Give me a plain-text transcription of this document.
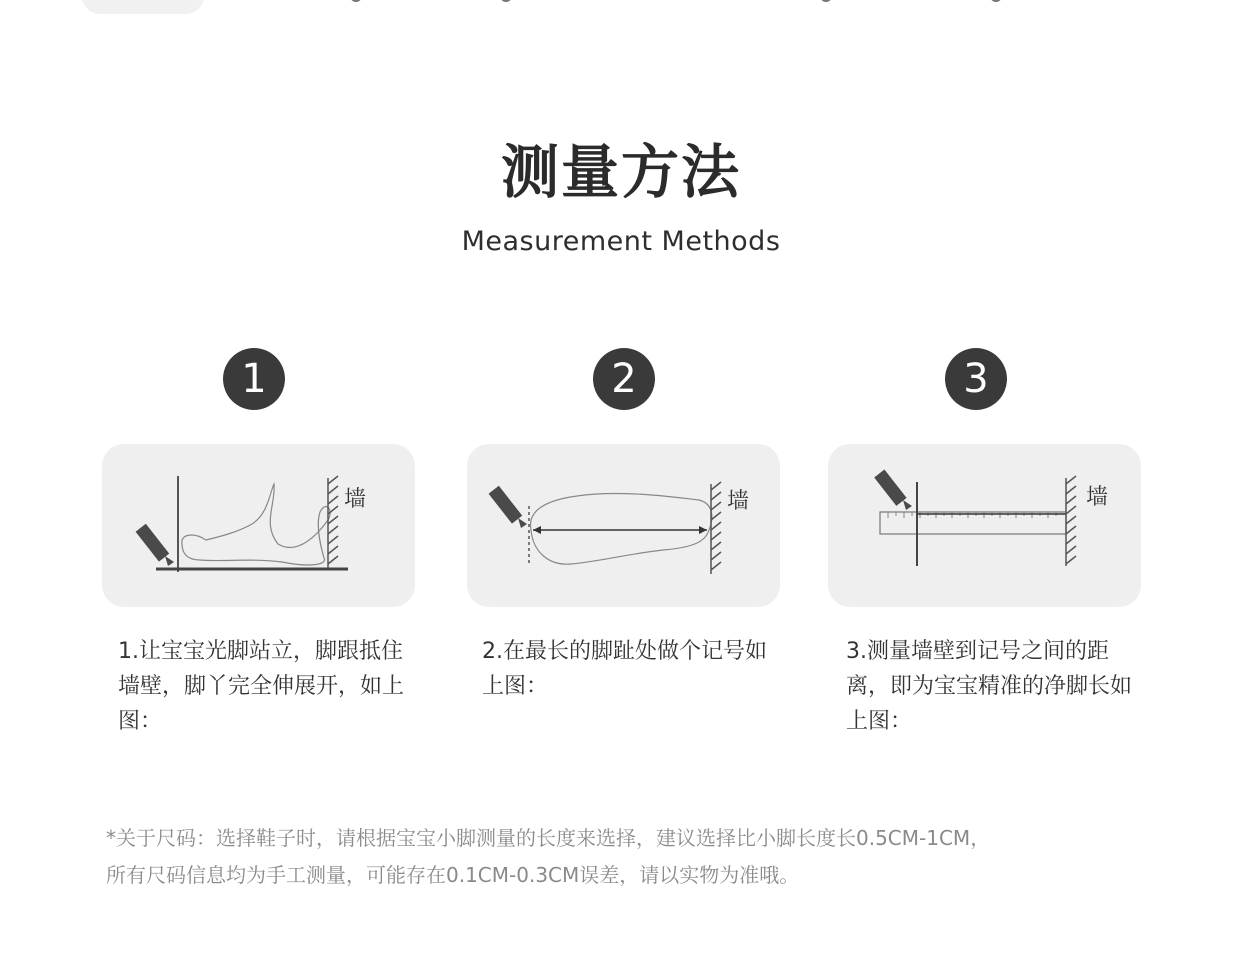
测量方法
Measurement Methods
1	2	3
墙	墙	墙
1.让宝宝光脚站立，脚跟抵住墙壁，脚丫完全伸展开，如上图：
2.在最长的脚趾处做个记号如上图：
3.测量墙壁到记号之间的距离，即为宝宝精准的净脚长如上图：

*关于尺码：选择鞋子时，请根据宝宝小脚测量的长度来选择，建议选择比小脚长度长0.5CM-1CM，

所有尺码信息均为手工测量，可能存在0.1CM-0.3CM误差，请以实物为准哦。
